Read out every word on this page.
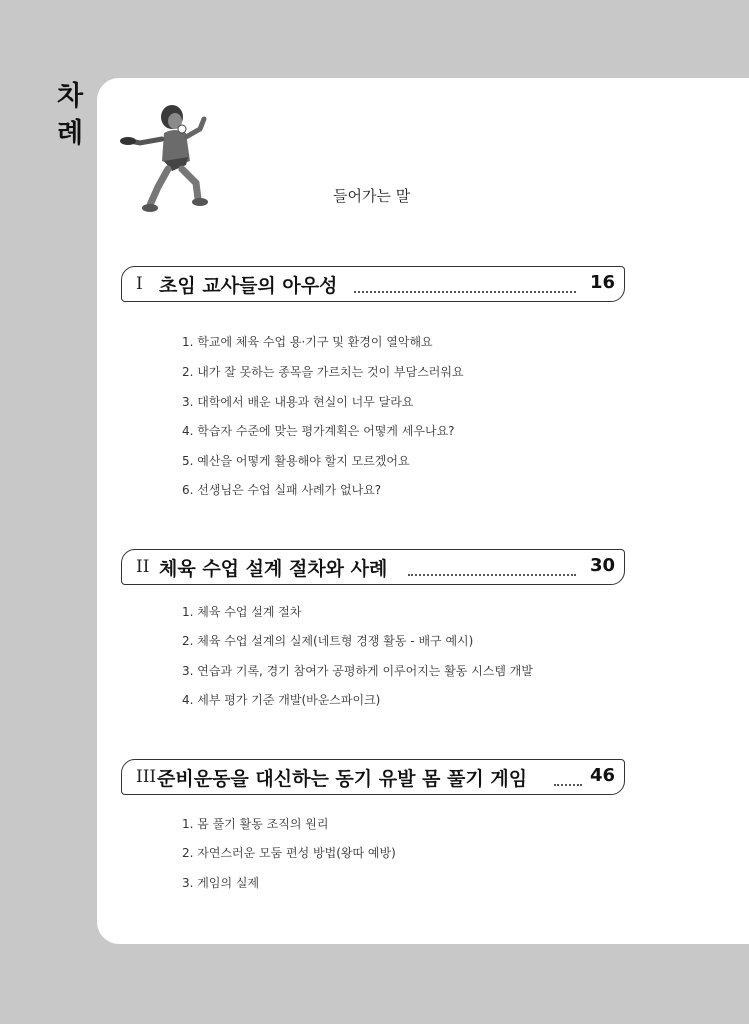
차
례
들어가는 말
I 초임 교사들의 아우성	16
1. 학교에 체육 수업 용·기구 및 환경이 열악해요
2. 내가 잘 못하는 종목을 가르치는 것이 부담스러워요
3. 대학에서 배운 내용과 현실이 너무 달라요
4. 학습자 수준에 맞는 평가계획은 어떻게 세우나요?
5. 예산을 어떻게 활용해야 할지 모르겠어요
6. 선생님은 수업 실패 사례가 없나요?
II 체육 수업 설계 절차와 사례	30
1. 체육 수업 설계 절차
2. 체육 수업 설계의 실제(네트형 경쟁 활동 - 배구 예시)
3. 연습과 기록, 경기 참여가 공평하게 이루어지는 활동 시스템 개발
4. 세부 평가 기준 개발(바운스파이크)
III 준비운동을 대신하는 동기 유발 몸 풀기 게임	46
1. 몸 풀기 활동 조직의 원리
2. 자연스러운 모둠 편성 방법(왕따 예방)
3. 게임의 실제
